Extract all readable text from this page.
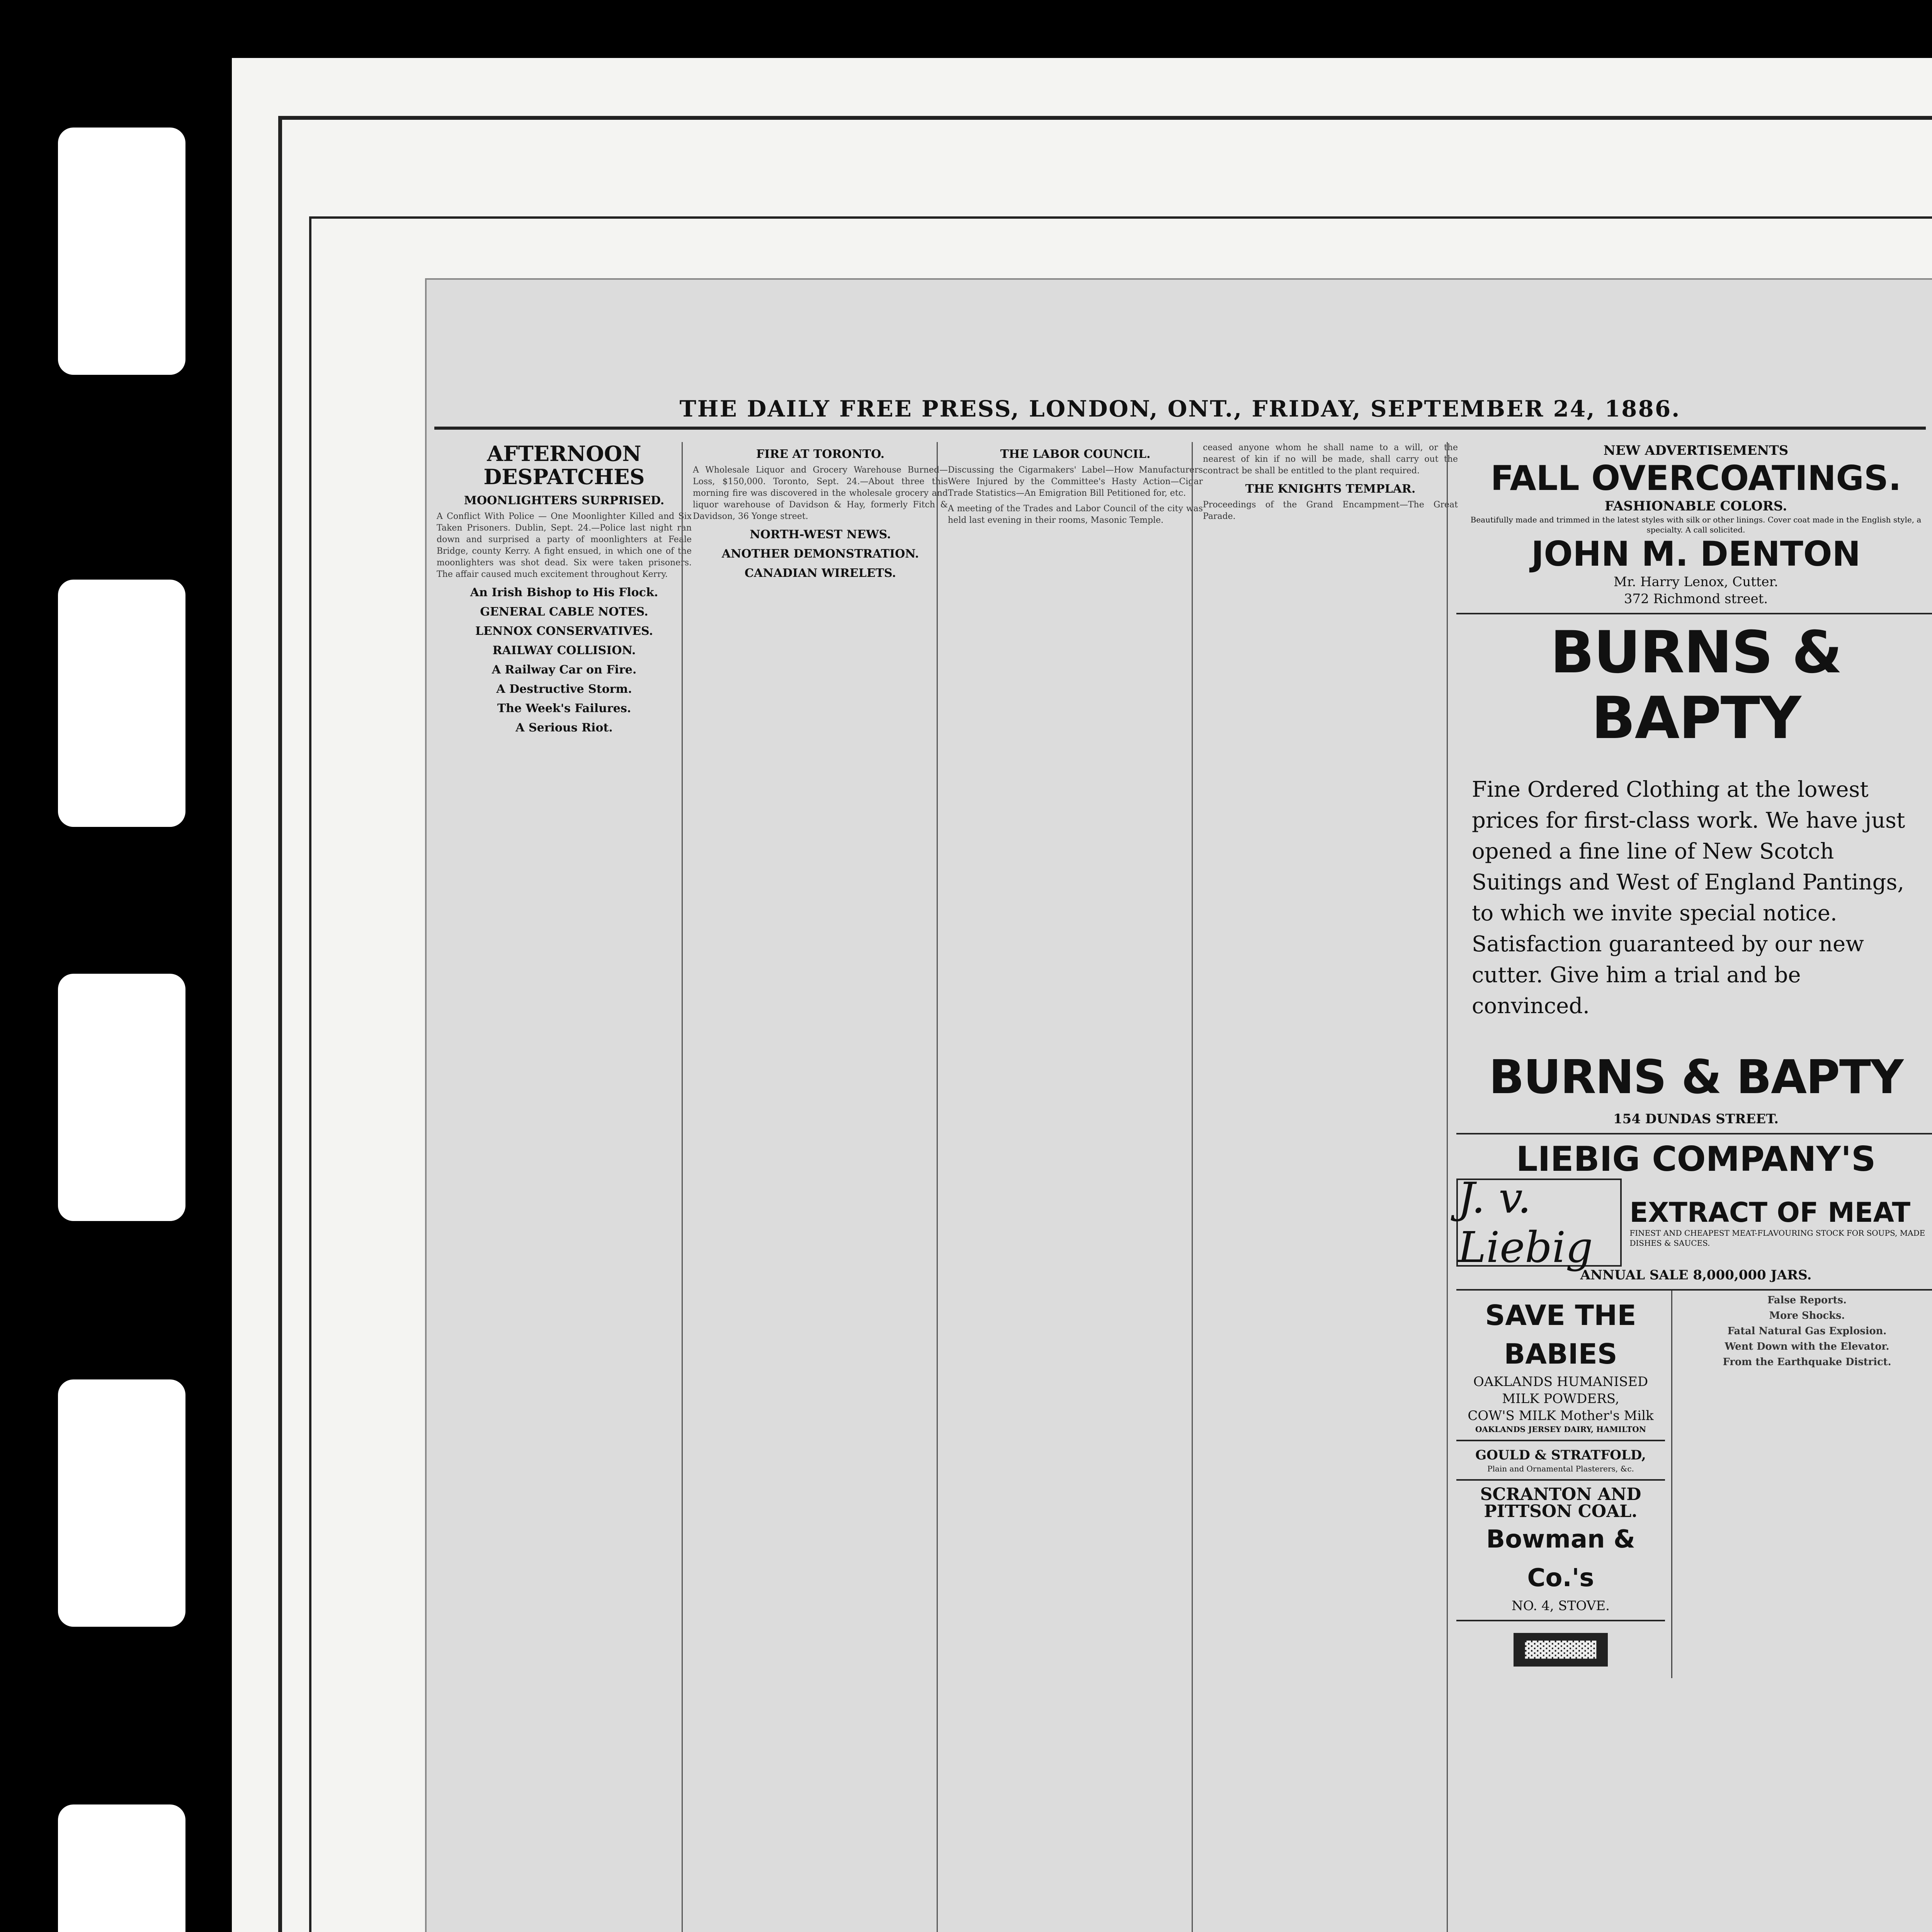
THE DAILY FREE PRESS, LONDON, ONT., FRIDAY, SEPTEMBER 24, 1886.
AFTERNOON DESPATCHES
MOONLIGHTERS SURPRISED.

A Conflict With Police — One Moonlighter Killed and Six Taken Prisoners. Dublin, Sept. 24.—Police last night ran down and surprised a party of moonlighters at Feale Bridge, county Kerry. A fight ensued, in which one of the moonlighters was shot dead. Six were taken prisoners. The affair caused much excitement throughout Kerry.

An Irish Bishop to His Flock.
GENERAL CABLE NOTES.
LENNOX CONSERVATIVES.
RAILWAY COLLISION.
A Railway Car on Fire.
A Destructive Storm.
The Week's Failures.
A Serious Riot.
FIRE AT TORONTO.

A Wholesale Liquor and Grocery Warehouse Burned—Loss, $150,000. Toronto, Sept. 24.—About three this morning fire was discovered in the wholesale grocery and liquor warehouse of Davidson & Hay, formerly Fitch & Davidson, 36 Yonge street.

NORTH-WEST NEWS.
ANOTHER DEMONSTRATION.
CANADIAN WIRELETS.
THE LABOR COUNCIL.

Discussing the Cigarmakers' Label—How Manufacturers Were Injured by the Committee's Hasty Action—Cigar Trade Statistics—An Emigration Bill Petitioned for, etc.

A meeting of the Trades and Labor Council of the city was held last evening in their rooms, Masonic Temple.

ceased anyone whom he shall name to a will, or the nearest of kin if no will be made, shall carry out the contract be shall be entitled to the plant required.

THE KNIGHTS TEMPLAR.

Proceedings of the Grand Encampment—The Great Parade.

NEW ADVERTISEMENTS
FALL OVERCOATINGS.
FASHIONABLE COLORS.
Beautifully made and trimmed in the latest styles with silk or other linings. Cover coat made in the English style, a specialty. A call solicited.
JOHN M. DENTON
Mr. Harry Lenox, Cutter.
372 Richmond street.
BURNS & BAPTY
Fine Ordered Clothing at the lowest prices for first-class work. We have just opened a fine line of New Scotch Suitings and West of England Pantings, to which we invite special notice. Satisfaction guaranteed by our new cutter. Give him a trial and be convinced.
BURNS & BAPTY
154 DUNDAS STREET.
LIEBIG COMPANY'S
J. v. Liebig
EXTRACT OF MEAT
FINEST AND CHEAPEST MEAT-FLAVOURING STOCK FOR SOUPS, MADE DISHES & SAUCES.
ANNUAL SALE 8,000,000 JARS.
SAVE THE BABIES
OAKLANDS HUMANISED MILK POWDERS,
COW'S MILK Mother's Milk
OAKLANDS JERSEY DAIRY, HAMILTON
GOULD & STRATFOLD,
Plain and Ornamental Plasterers, &c.
SCRANTON AND PITTSON COAL.
Bowman & Co.'s
NO. 4, STOVE.
▓▓▓▓▓▓
False Reports.
More Shocks.
Fatal Natural Gas Explosion.
Went Down with the Elevator.
From the Earthquake District.
